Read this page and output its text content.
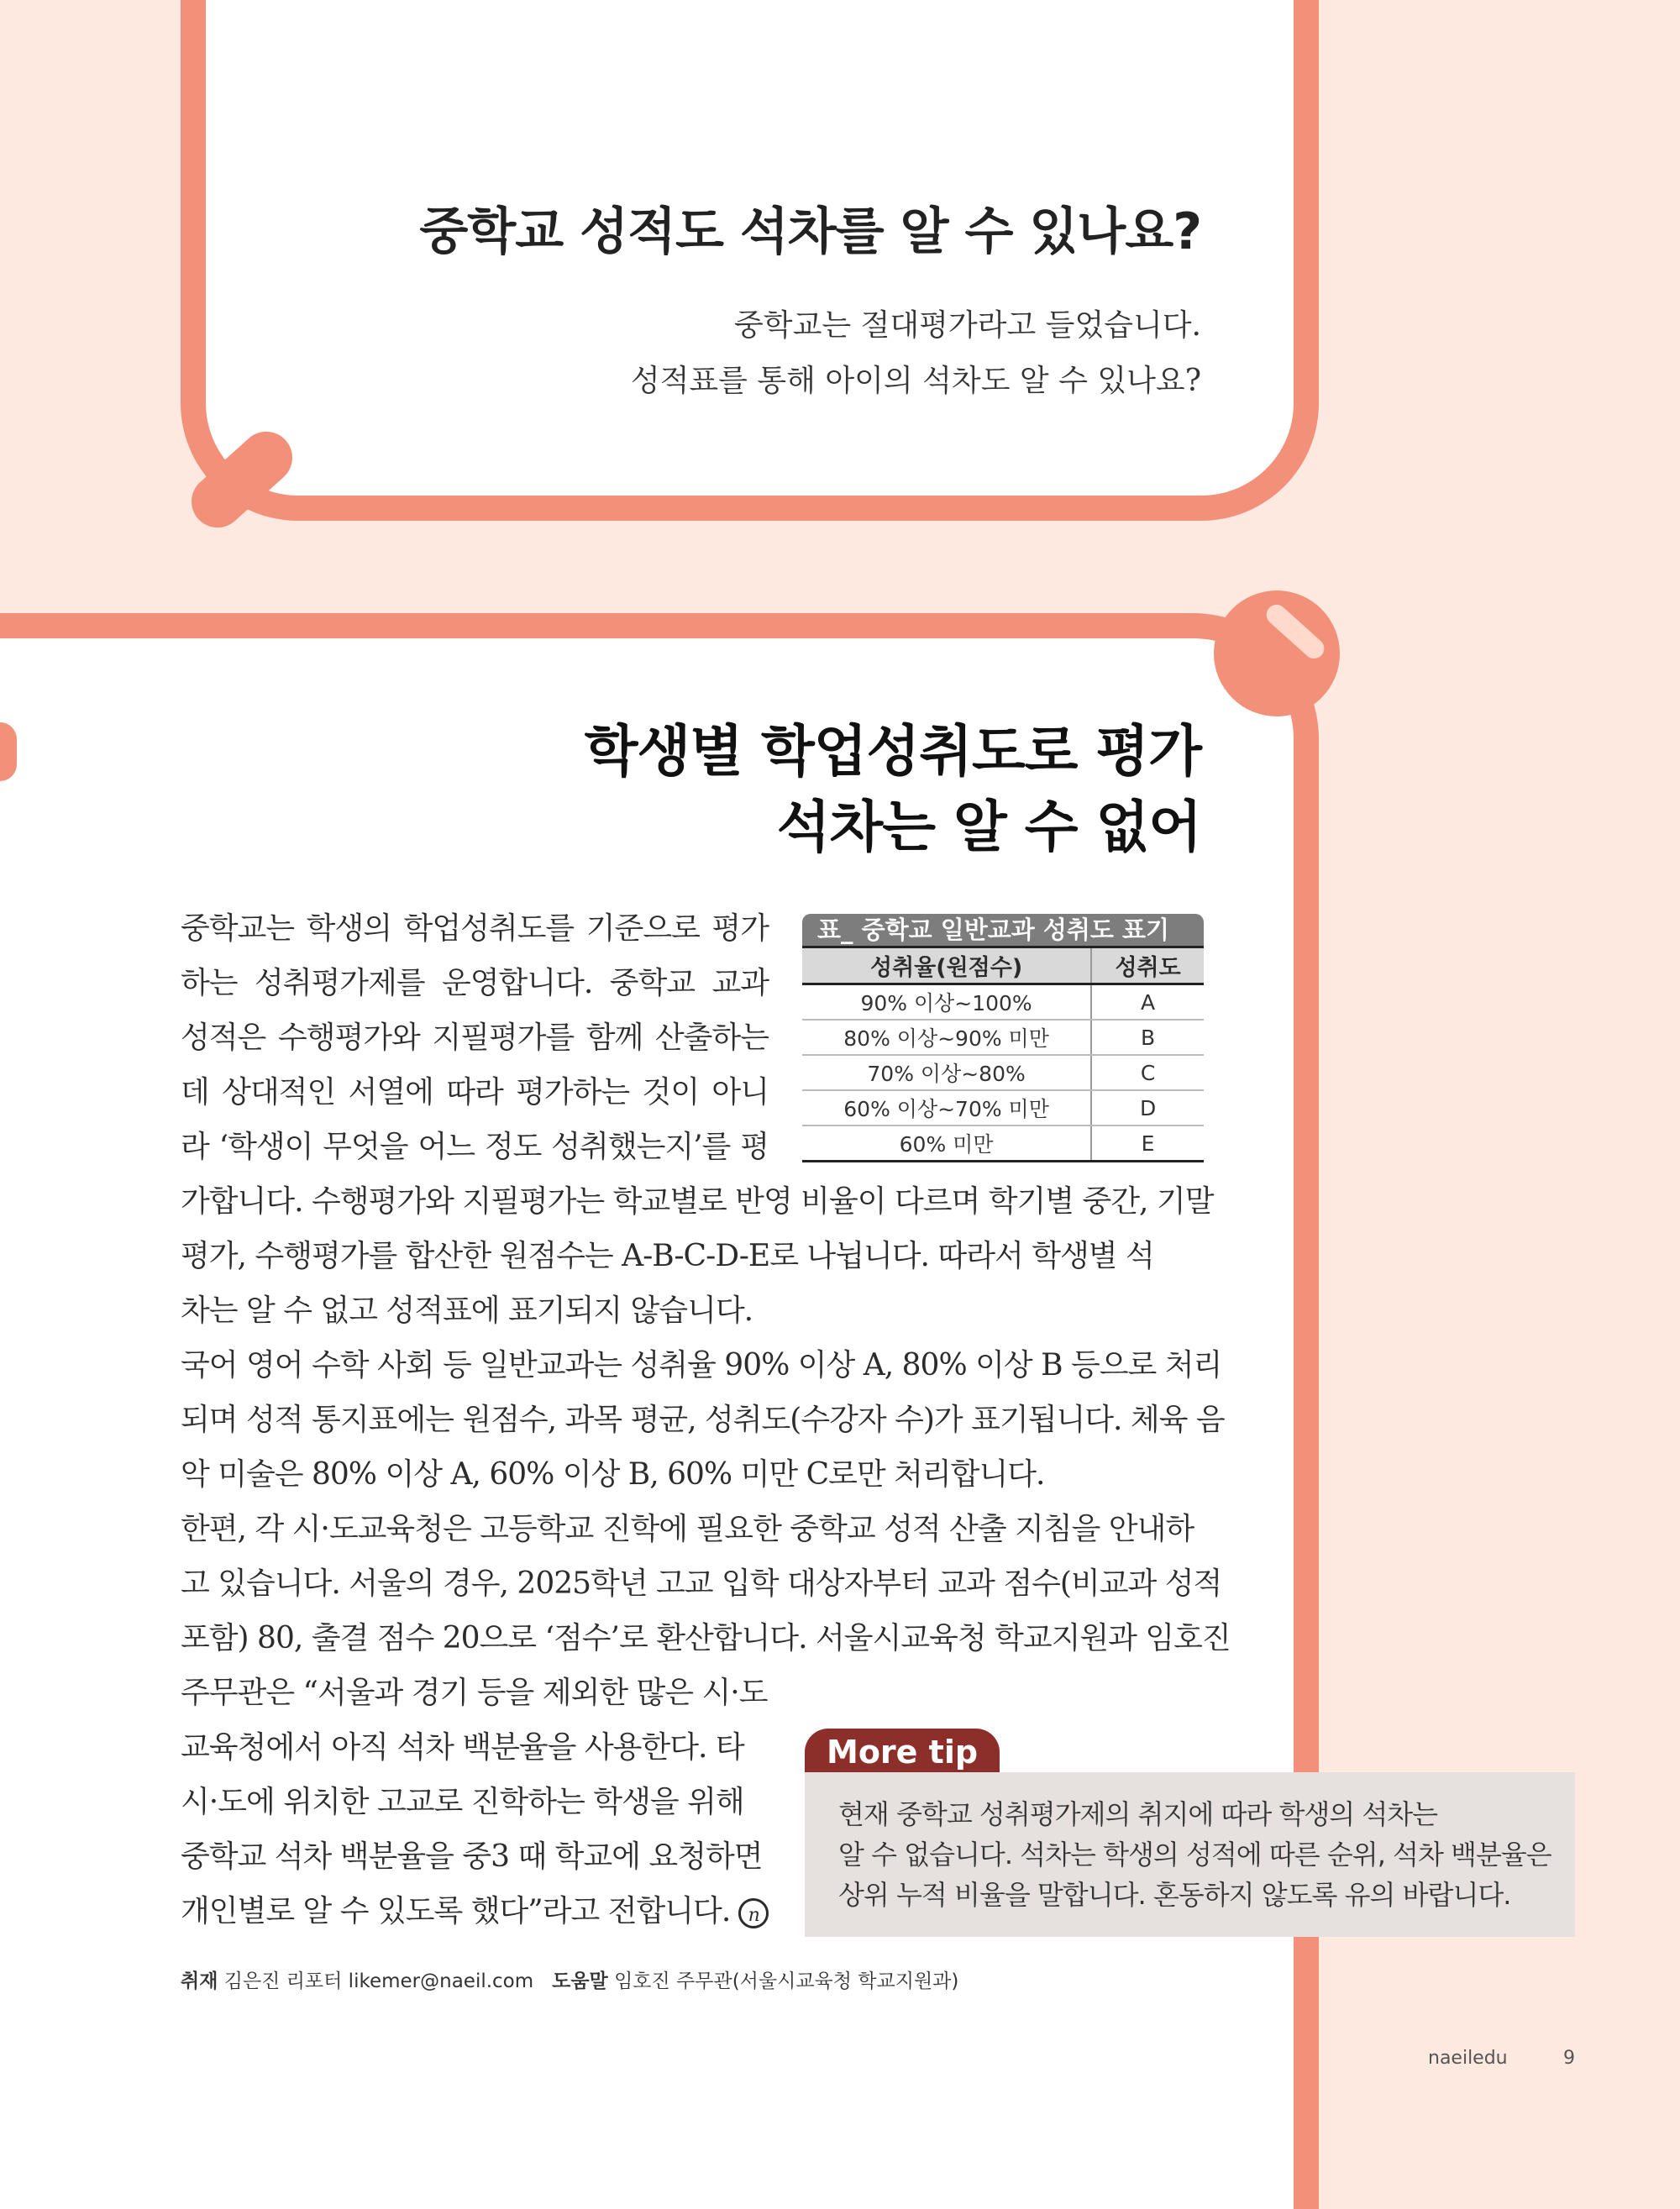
중학교 성적도 석차를 알 수 있나요?
중학교는 절대평가라고 들었습니다.
성적표를 통해 아이의 석차도 알 수 있나요?
학생별 학업성취도로 평가
석차는 알 수 없어
중학교는 학생의 학업성취도를 기준으로 평가
하는 성취평가제를 운영합니다. 중학교 교과
성적은 수행평가와 지필평가를 함께 산출하는
데 상대적인 서열에 따라 평가하는 것이 아니
라 ‘학생이 무엇을 어느 정도 성취했는지’를 평
표_ 중학교 일반교과 성취도 표기
성취율(원점수)	성취도
90% 이상~100%	A
80% 이상~90% 미만	B
70% 이상~80%	C
60% 이상~70% 미만	D
60% 미만	E
가합니다. 수행평가와 지필평가는 학교별로 반영 비율이 다르며 학기별 중간, 기말
평가, 수행평가를 합산한 원점수는 A-B-C-D-E로 나뉩니다. 따라서 학생별 석
차는 알 수 없고 성적표에 표기되지 않습니다.
국어 영어 수학 사회 등 일반교과는 성취율 90% 이상 A, 80% 이상 B 등으로 처리
되며 성적 통지표에는 원점수, 과목 평균, 성취도(수강자 수)가 표기됩니다. 체육 음
악 미술은 80% 이상 A, 60% 이상 B, 60% 미만 C로만 처리합니다.
한편, 각 시·도교육청은 고등학교 진학에 필요한 중학교 성적 산출 지침을 안내하
고 있습니다. 서울의 경우, 2025학년 고교 입학 대상자부터 교과 점수(비교과 성적
포함) 80, 출결 점수 20으로 ‘점수’로 환산합니다. 서울시교육청 학교지원과 임호진
주무관은 “서울과 경기 등을 제외한 많은 시·도
교육청에서 아직 석차 백분율을 사용한다. 타
시·도에 위치한 고교로 진학하는 학생을 위해
중학교 석차 백분율을 중3 때 학교에 요청하면
개인별로 알 수 있도록 했다”라고 전합니다. n
More tip
현재 중학교 성취평가제의 취지에 따라 학생의 석차는
알 수 없습니다. 석차는 학생의 성적에 따른 순위, 석차 백분율은
상위 누적 비율을 말합니다. 혼동하지 않도록 유의 바랍니다.
취재 김은진 리포터 likemer@naeil.com 도움말 임호진 주무관(서울시교육청 학교지원과)
naeiledu	9
